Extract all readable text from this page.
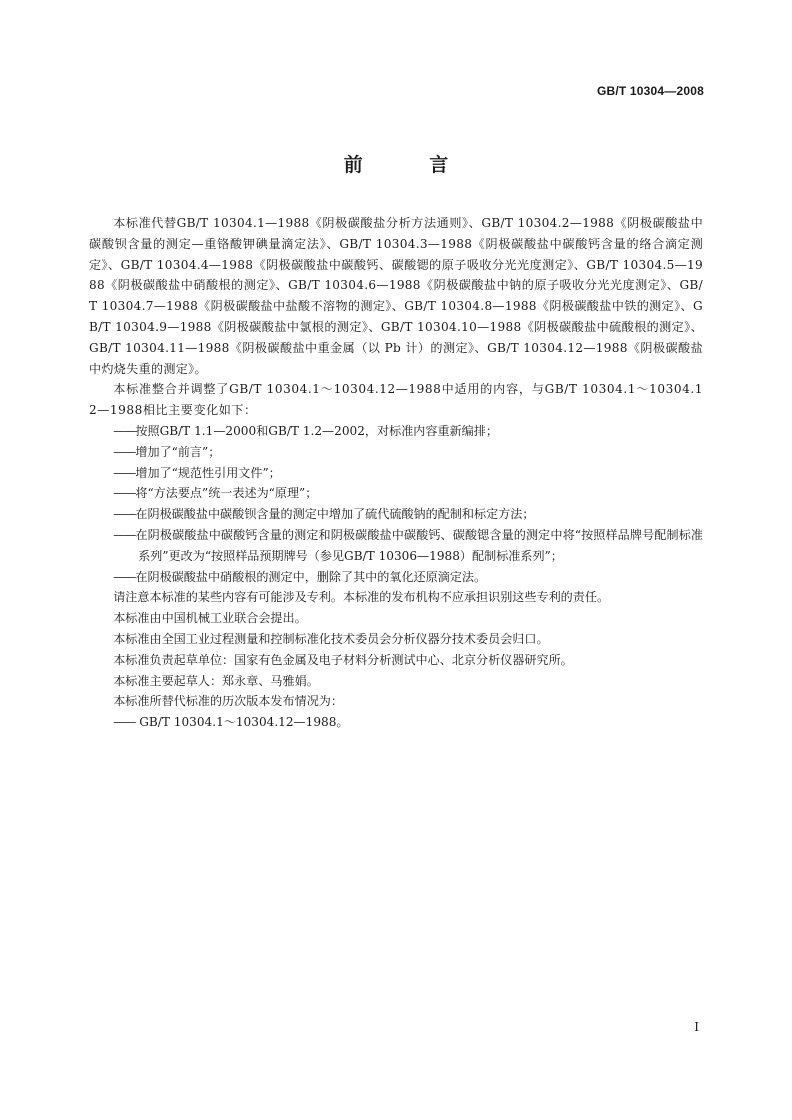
GB/T 10304—2008
前 言

本标准代替GB/T 10304.1—1988《阴极碳酸盐分析方法通则》、GB/T 10304.2—1988《阴极碳酸盐中碳酸钡含量的测定—重铬酸钾碘量滴定法》、GB/T 10304.3—1988《阴极碳酸盐中碳酸钙含量的络合滴定测定》、GB/T 10304.4—1988《阴极碳酸盐中碳酸钙、碳酸锶的原子吸收分光光度测定》、GB/T 10304.5—1988《阴极碳酸盐中硝酸根的测定》、GB/T 10304.6—1988《阴极碳酸盐中钠的原子吸收分光光度测定》、GB/T 10304.7—1988《阴极碳酸盐中盐酸不溶物的测定》、GB/T 10304.8—1988《阴极碳酸盐中铁的测定》、GB/T 10304.9—1988《阴极碳酸盐中氯根的测定》、GB/T 10304.10—1988《阴极碳酸盐中硫酸根的测定》、GB/T 10304.11—1988《阴极碳酸盐中重金属（以 Pb 计）的测定》、GB/T 10304.12—1988《阴极碳酸盐中灼烧失重的测定》。

本标准整合并调整了GB/T 10304.1～10304.12—1988中适用的内容，与GB/T 10304.1～10304.12—1988相比主要变化如下：

——按照GB/T 1.1—2000和GB/T 1.2—2002，对标准内容重新编排；

——增加了“前言”；

——增加了“规范性引用文件”；

——将“方法要点”统一表述为“原理”；

——在阴极碳酸盐中碳酸钡含量的测定中增加了硫代硫酸钠的配制和标定方法；

——在阴极碳酸盐中碳酸钙含量的测定和阴极碳酸盐中碳酸钙、碳酸锶含量的测定中将“按照样品牌号配制标准系列”更改为“按照样品预期牌号（参见GB/T 10306—1988）配制标准系列”；

——在阴极碳酸盐中硝酸根的测定中，删除了其中的氧化还原滴定法。

请注意本标准的某些内容有可能涉及专利。本标准的发布机构不应承担识别这些专利的责任。

本标准由中国机械工业联合会提出。

本标准由全国工业过程测量和控制标准化技术委员会分析仪器分技术委员会归口。

本标准负责起草单位：国家有色金属及电子材料分析测试中心、北京分析仪器研究所。

本标准主要起草人：郑永章、马雅娟。

本标准所替代标准的历次版本发布情况为：

—— GB/T 10304.1～10304.12—1988。

I
